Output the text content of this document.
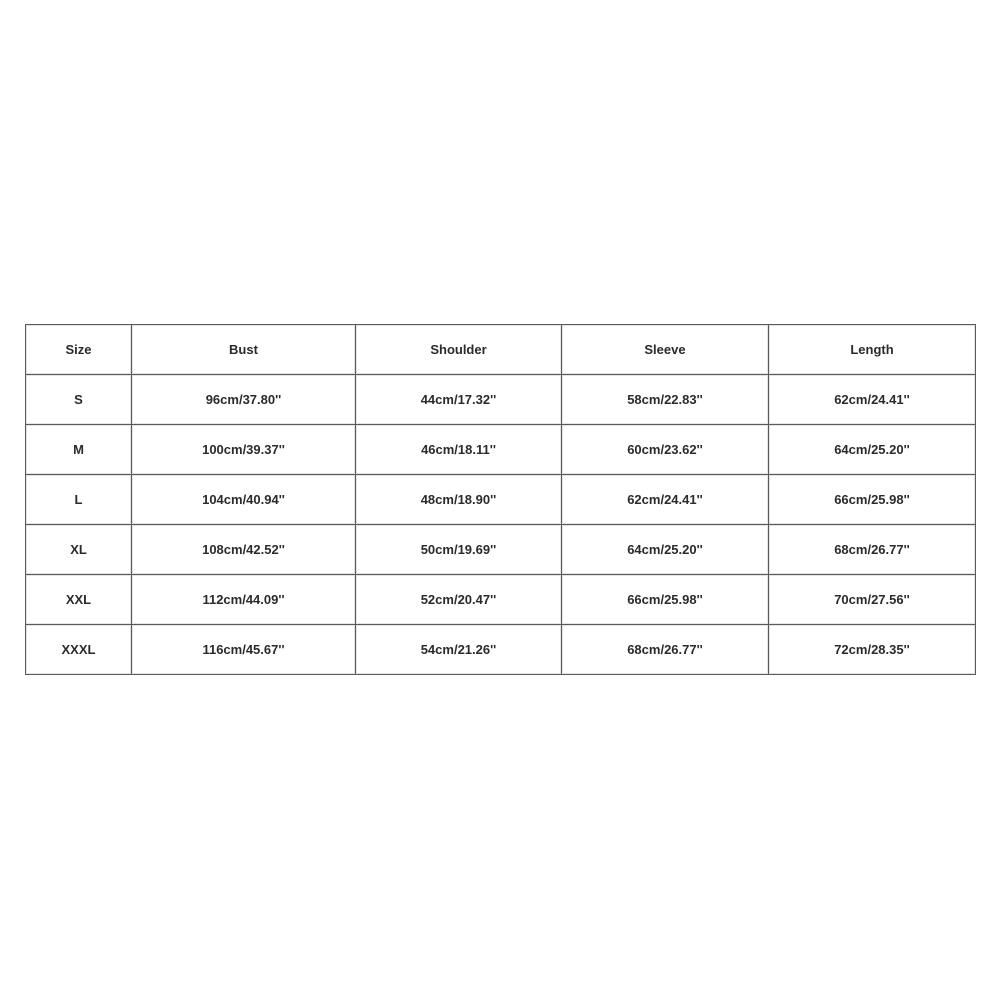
Size	Bust	Shoulder	Sleeve	Length
S	96cm/37.80''	44cm/17.32''	58cm/22.83''	62cm/24.41''
M	100cm/39.37''	46cm/18.11''	60cm/23.62''	64cm/25.20''
L	104cm/40.94''	48cm/18.90''	62cm/24.41''	66cm/25.98''
XL	108cm/42.52''	50cm/19.69''	64cm/25.20''	68cm/26.77''
XXL	112cm/44.09''	52cm/20.47''	66cm/25.98''	70cm/27.56''
XXXL	116cm/45.67''	54cm/21.26''	68cm/26.77''	72cm/28.35''
